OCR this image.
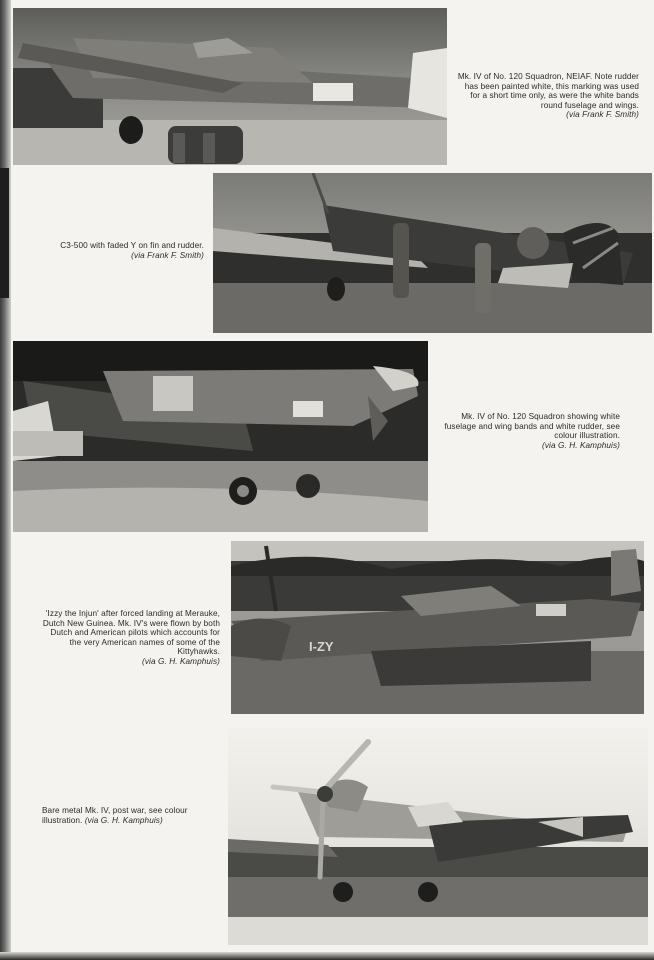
Mk. IV of No. 120 Squadron, NEIAF. Note rudder has been painted white, this marking was used for a short time only, as were the white bands round fuselage and wings.
(via Frank F. Smith)
C3-500 with faded Y on fin and rudder.
(via Frank F. Smith)
Mk. IV of No. 120 Squadron showing white fuselage and wing bands and white rudder, see colour illustration.
(via G. H. Kamphuis)
I-ZY
'Izzy the Injun' after forced landing at Merauke, Dutch New Guinea. Mk. IV's were flown by both Dutch and American pilots which accounts for the very American names of some of the Kittyhawks.
(via G. H. Kamphuis)
Bare metal Mk. IV, post war, see colour illustration. (via G. H. Kamphuis)
